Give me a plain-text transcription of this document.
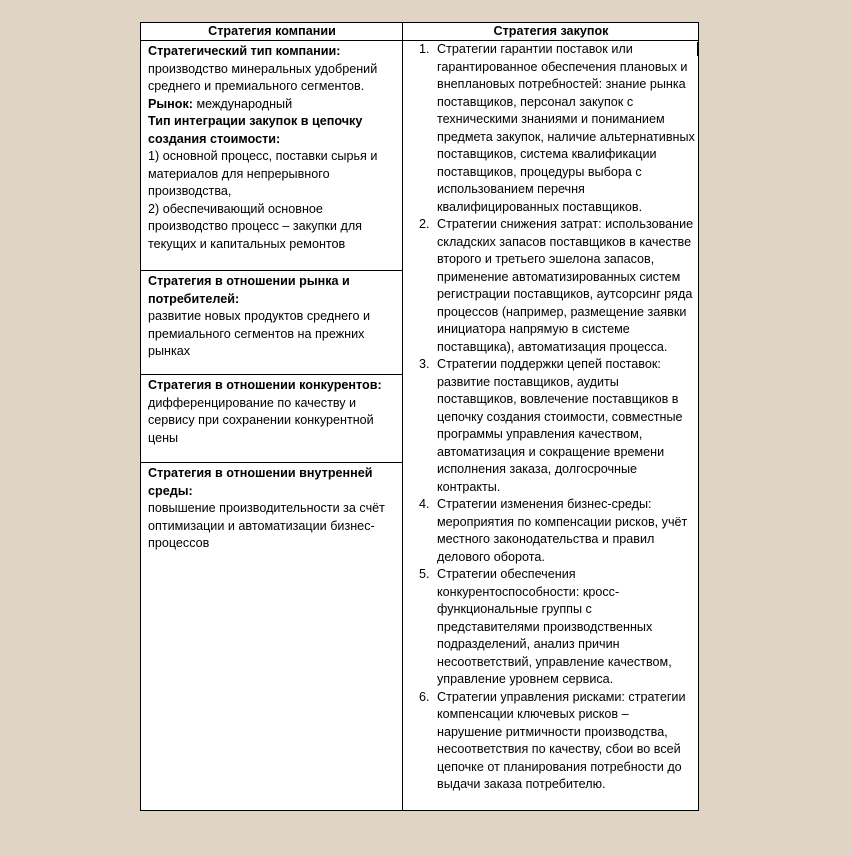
Стратегия компании	Стратегия закупок
Стратегический тип компании:
производство минеральных удобрений среднего и премиального сегментов.
Рынок: международный
Тип интеграции закупок в цепочку создания стоимости:
1) основной процесс, поставки сырья и материалов для непрерывного производства,
2) обеспечивающий основное производство процесс – закупки для текущих и капитальных ремонтов
Стратегия в отношении рынка и потребителей:
развитие новых продуктов среднего и премиального сегментов на прежних рынках
Стратегия в отношении конкурентов:
дифференцирование по качеству и сервису при сохранении конкурентной цены
Стратегия в отношении внутренней среды:
повышение производительности за счёт оптимизации и автоматизации бизнес-процессов
1. Стратегии гарантии поставок или гарантированное обеспечения плановых и внеплановых потребностей: знание рынка поставщиков, персонал закупок с техническими знаниями и пониманием предмета закупок, наличие альтернативных поставщиков, система квалификации поставщиков, процедуры выбора с использованием перечня квалифицированных поставщиков.
2. Стратегии снижения затрат: использование складских запасов поставщиков в качестве второго и третьего эшелона запасов, применение автоматизированных систем регистрации поставщиков, аутсорсинг ряда процессов (например, размещение заявки инициатора напрямую в системе поставщика), автоматизация процесса.
3. Стратегии поддержки цепей поставок: развитие поставщиков, аудиты поставщиков, вовлечение поставщиков в цепочку создания стоимости, совместные программы управления качеством, автоматизация и сокращение времени исполнения заказа, долгосрочные контракты.
4. Стратегии изменения бизнес-среды: мероприятия по компенсации рисков, учёт местного законодательства и правил делового оборота.
5. Стратегии обеспечения конкурентоспособности: кросс-функциональные группы с представителями производственных подразделений, анализ причин несоответствий, управление качеством, управление уровнем сервиса.
6. Стратегии управления рисками: стратегии компенсации ключевых рисков – нарушение ритмичности производства, несоответствия по качеству, сбои во всей цепочке от планирования потребности до выдачи заказа потребителю.
